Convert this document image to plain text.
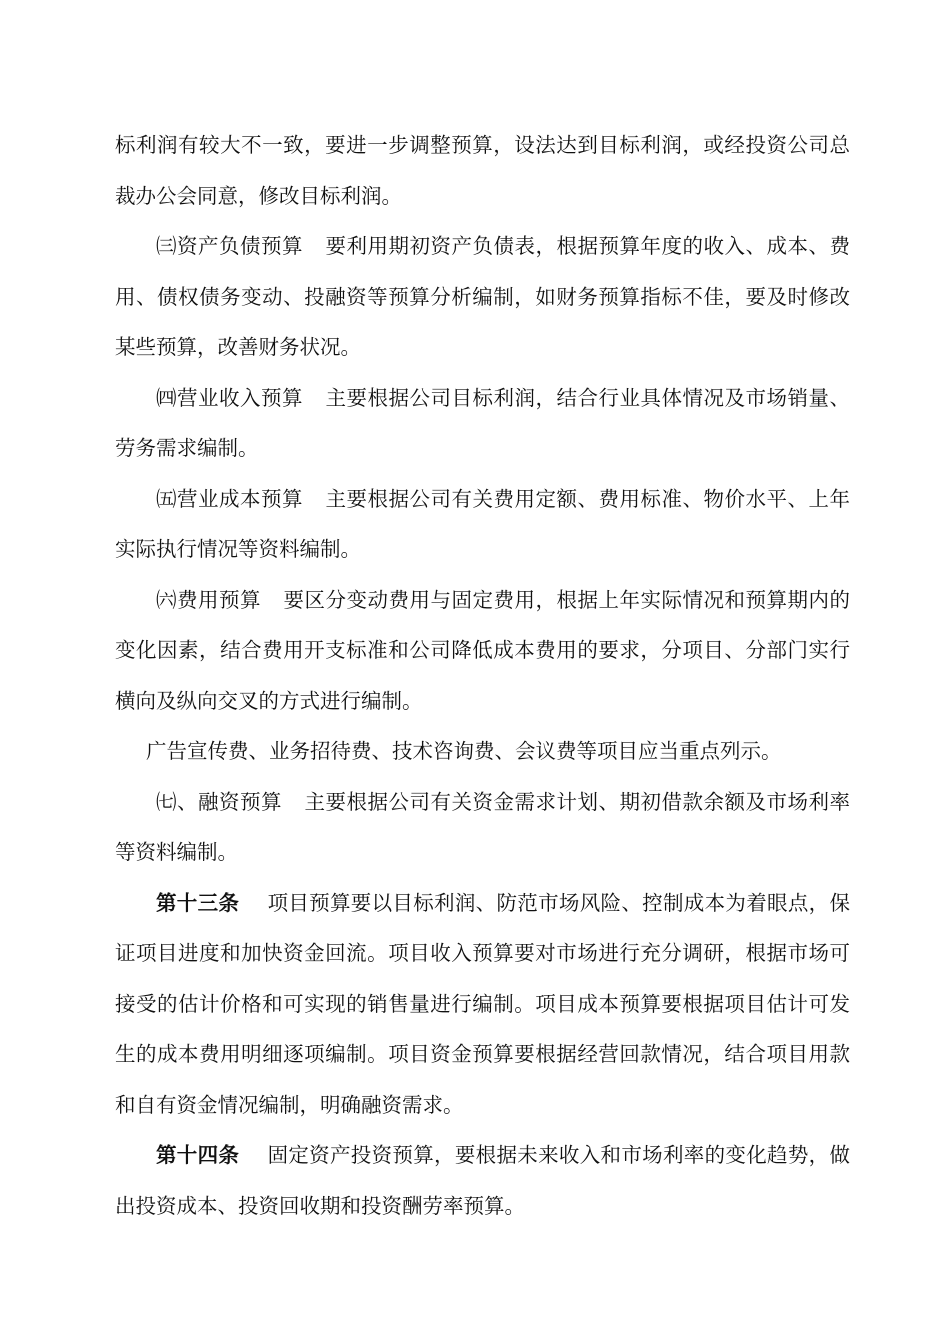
标利润有较大不一致，要进一步调整预算，设法达到目标利润，或经投资公司总裁办公会同意，修改目标利润。

㈢资产负债预算 要利用期初资产负债表，根据预算年度的收入、成本、费用、债权债务变动、投融资等预算分析编制，如财务预算指标不佳，要及时修改某些预算，改善财务状况。

㈣营业收入预算 主要根据公司目标利润，结合行业具体情况及市场销量、劳务需求编制。

㈤营业成本预算 主要根据公司有关费用定额、费用标准、物价水平、上年实际执行情况等资料编制。

㈥费用预算 要区分变动费用与固定费用，根据上年实际情况和预算期内的变化因素，结合费用开支标准和公司降低成本费用的要求，分项目、分部门实行横向及纵向交叉的方式进行编制。

广告宣传费、业务招待费、技术咨询费、会议费等项目应当重点列示。

㈦、融资预算 主要根据公司有关资金需求计划、期初借款余额及市场利率等资料编制。

第十三条 项目预算要以目标利润、防范市场风险、控制成本为着眼点，保证项目进度和加快资金回流。项目收入预算要对市场进行充分调研，根据市场可接受的估计价格和可实现的销售量进行编制。项目成本预算要根据项目估计可发生的成本费用明细逐项编制。项目资金预算要根据经营回款情况，结合项目用款和自有资金情况编制，明确融资需求。

第十四条 固定资产投资预算，要根据未来收入和市场利率的变化趋势，做出投资成本、投资回收期和投资酬劳率预算。
